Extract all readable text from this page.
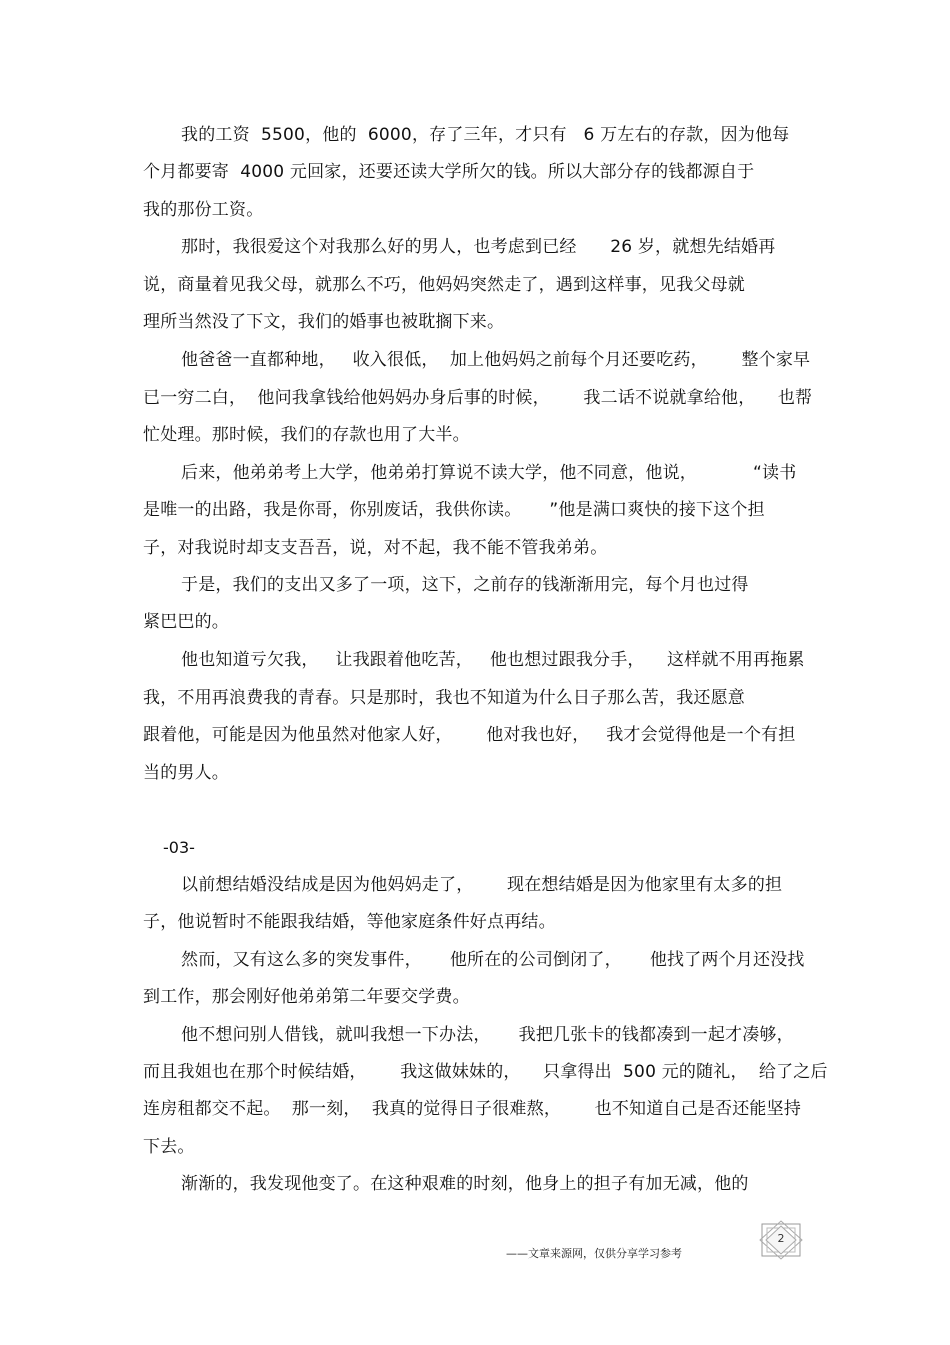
我的工资  5500，他的  6000，存了三年，才只有   6 万左右的存款，因为他每
个月都要寄  4000 元回家，还要还读大学所欠的钱。所以大部分存的钱都源自于
我的那份工资。
那时，我很爱这个对我那么好的男人，也考虑到已经      26 岁，就想先结婚再
说，商量着见我父母，就那么不巧，他妈妈突然走了，遇到这样事，见我父母就
理所当然没了下文，我们的婚事也被耽搁下来。
他爸爸一直都种地，   收入很低，  加上他妈妈之前每个月还要吃药，      整个家早
已一穷二白，  他问我拿钱给他妈妈办身后事的时候，      我二话不说就拿给他，    也帮
忙处理。那时候，我们的存款也用了大半。
后来，他弟弟考上大学，他弟弟打算说不读大学，他不同意，他说，          “读书
是唯一的出路，我是你哥，你别废话，我供你读。     ”他是满口爽快的接下这个担
子，对我说时却支支吾吾，说，对不起，我不能不管我弟弟。
于是，我们的支出又多了一项，这下，之前存的钱渐渐用完，每个月也过得
紧巴巴的。
他也知道亏欠我，   让我跟着他吃苦，   他也想过跟我分手，    这样就不用再拖累
我，不用再浪费我的青春。只是那时，我也不知道为什么日子那么苦，我还愿意
跟着他，可能是因为他虽然对他家人好，      他对我也好，   我才会觉得他是一个有担
当的男人。
-03-
以前想结婚没结成是因为他妈妈走了，      现在想结婚是因为他家里有太多的担
子，他说暂时不能跟我结婚，等他家庭条件好点再结。
然而，又有这么多的突发事件，     他所在的公司倒闭了，     他找了两个月还没找
到工作，那会刚好他弟弟第二年要交学费。
他不想问别人借钱，就叫我想一下办法，     我把几张卡的钱都凑到一起才凑够，
而且我姐也在那个时候结婚，      我这做妹妹的，    只拿得出  500 元的随礼，  给了之后
连房租都交不起。  那一刻，  我真的觉得日子很难熬，      也不知道自己是否还能坚持
下去。
渐渐的，我发现他变了。在这种艰难的时刻，他身上的担子有加无减，他的
——文章来源网，仅供分享学习参考
2
